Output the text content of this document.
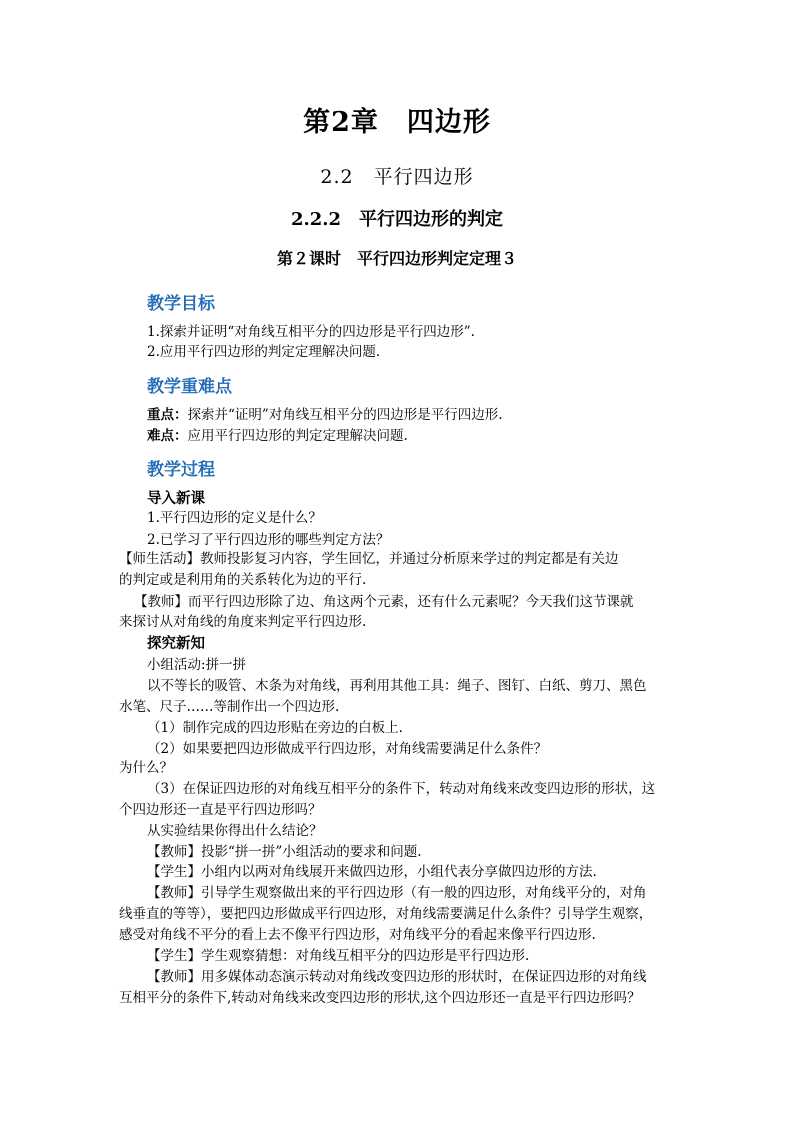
第2章　四边形
2.2　平行四边形
2.2.2　平行四边形的判定
第２课时　平行四边形判定定理３
教学目标
1.探索并证明“对角线互相平分的四边形是平行四边形”.
2.应用平行四边形的判定定理解决问题.
教学重难点
重点：探索并“证明”对角线互相平分的四边形是平行四边形.
难点：应用平行四边形的判定定理解决问题.
教学过程
导入新课
1.平行四边形的定义是什么？
2.已学习了平行四边形的哪些判定方法？
【师生活动】教师投影复习内容，学生回忆，并通过分析原来学过的判定都是有关边
的判定或是利用角的关系转化为边的平行.
【教师】而平行四边形除了边、角这两个元素，还有什么元素呢？今天我们这节课就
来探讨从对角线的角度来判定平行四边形.
探究新知
小组活动:拼一拼
以不等长的吸管、木条为对角线，再利用其他工具：绳子、图钉、白纸、剪刀、黑色
水笔、尺子……等制作出一个四边形.
（1）制作完成的四边形贴在旁边的白板上.
（2）如果要把四边形做成平行四边形，对角线需要满足什么条件？
为什么？
（3）在保证四边形的对角线互相平分的条件下，转动对角线来改变四边形的形状，这
个四边形还一直是平行四边形吗？
从实验结果你得出什么结论？
【教师】投影“拼一拼”小组活动的要求和问题.
【学生】小组内以两对角线展开来做四边形，小组代表分享做四边形的方法.
【教师】引导学生观察做出来的平行四边形（有一般的四边形，对角线平分的，对角
线垂直的等等），要把四边形做成平行四边形，对角线需要满足什么条件？引导学生观察，
感受对角线不平分的看上去不像平行四边形，对角线平分的看起来像平行四边形.
【学生】学生观察猜想：对角线互相平分的四边形是平行四边形.
【教师】用多媒体动态演示转动对角线改变四边形的形状时，在保证四边形的对角线
互相平分的条件下,转动对角线来改变四边形的形状,这个四边形还一直是平行四边形吗？
